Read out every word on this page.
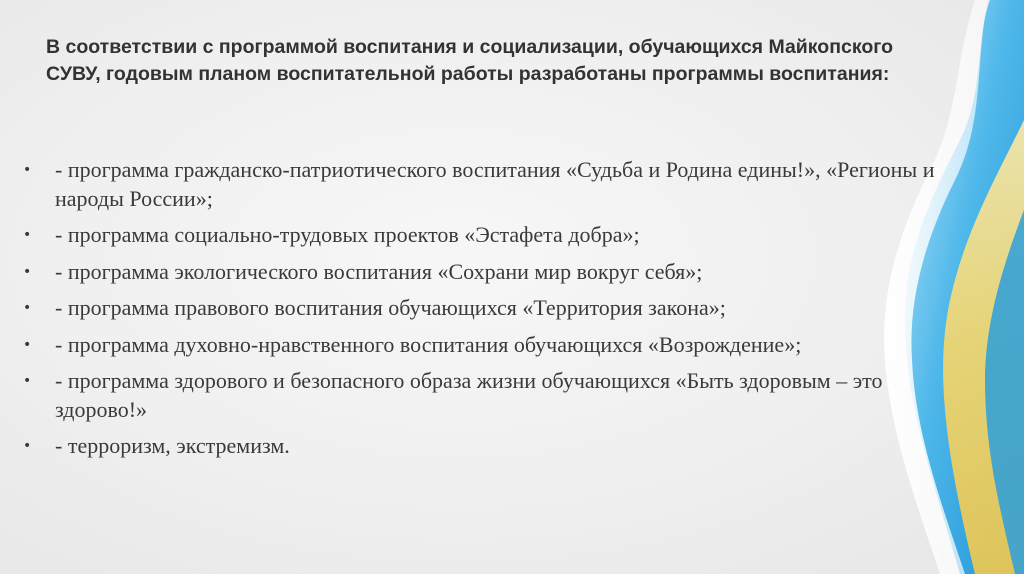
В соответствии с программой воспитания и социализации, обучающихся Майкопского СУВУ, годовым планом воспитательной работы разработаны программы воспитания:

• - программа гражданско-патриотического воспитания «Судьба и Родина едины!», «Регионы и народы России»;
• - программа социально-трудовых проектов «Эстафета добра»;
• - программа экологического воспитания «Сохрани мир вокруг себя»;
• - программа правового воспитания обучающихся «Территория закона»;
• - программа духовно-нравственного воспитания обучающихся «Возрождение»;
• - программа здорового и безопасного образа жизни обучающихся «Быть здоровым – это здорово!»
• - терроризм, экстремизм.
